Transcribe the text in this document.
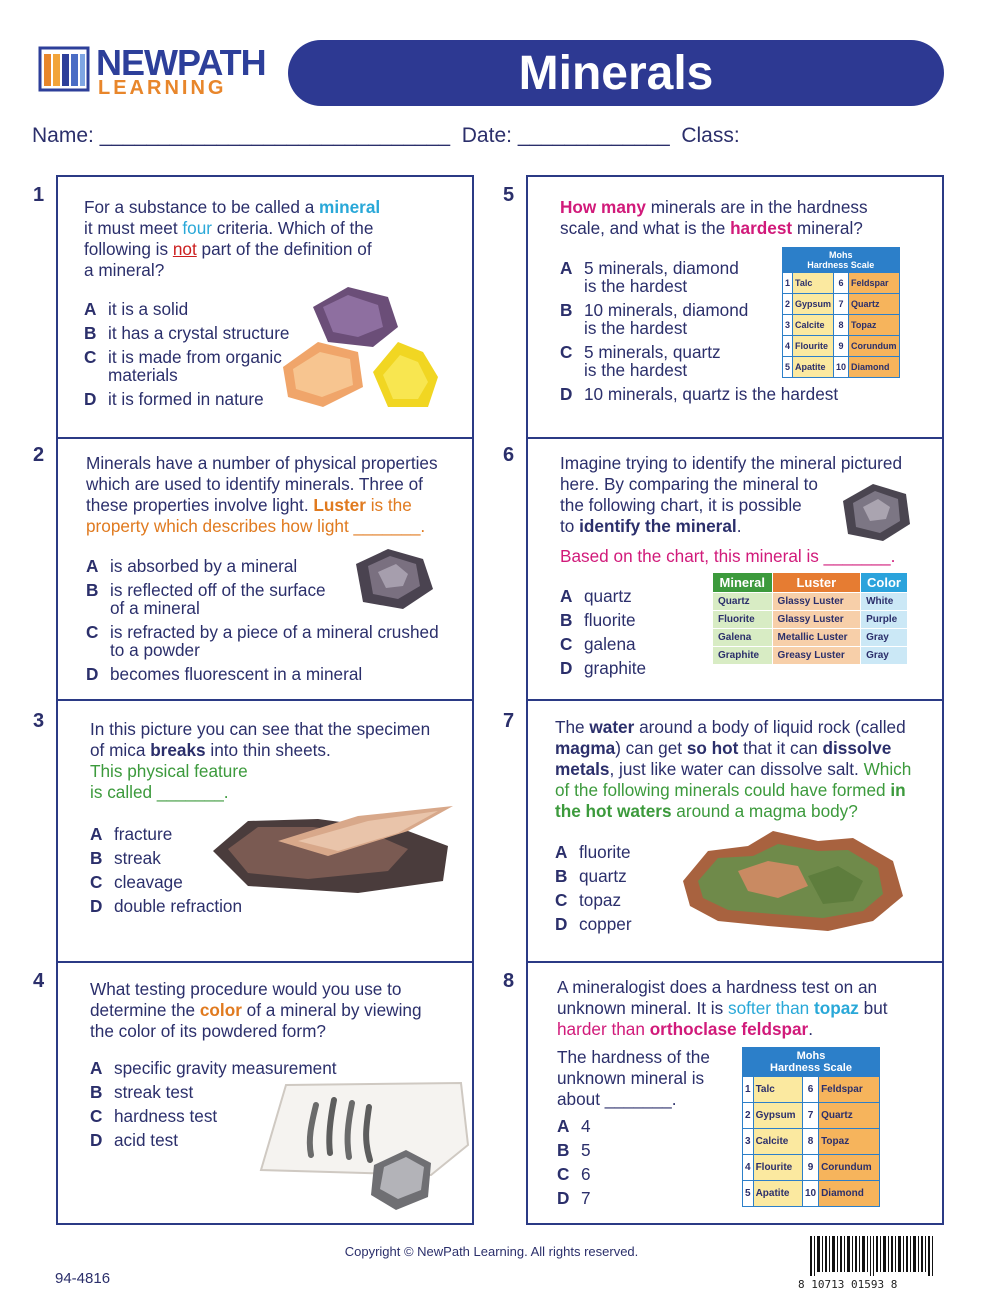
NEWPATH
LEARNING	Minerals
Name: ______________________________ Date: _____________ Class:
1
For a substance to be called a mineral
it must meet four criteria. Which of the
following is not part of the definition of
a mineral?
A it is a solid
B it has a crystal structure
C it is made from organic
materials
D it is formed in nature
2 Minerals have a number of physical properties
which are used to identify minerals. Three of
these properties involve light. Luster is the
property which describes how light _______.
A is absorbed by a mineral
B is reflected off of the surface
of a mineral
C is refracted by a piece of a mineral crushed
to a powder
D becomes fluorescent in a mineral
3	In this picture you can see that the specimen
of mica breaks into thin sheets.
This physical feature
is called _______.
A fracture
B streak
C cleavage
D double refraction
4	What testing procedure would you use to
determine the color of a mineral by viewing
the color of its powdered form?
A specific gravity measurement
B streak test
C hardness test
D acid test
5
How many minerals are in the hardness
scale, and what is the hardest mineral?
A 5 minerals, diamond
is the hardest
B 10 minerals, diamond
is the hardest
C 5 minerals, quartz
is the hardest
D 10 minerals, quartz is the hardest
Mohs
Hardness Scale			
1	Talc	6	Feldspar
2	Gypsum	7	Quartz
3	Calcite	8	Topaz
4	Flourite	9	Corundum
5	Apatite	10	Diamond
6	Imagine trying to identify the mineral pictured
here. By comparing the mineral to
the following chart, it is possible
to identify the mineral.
Based on the chart, this mineral is _______.
A quartz
B fluorite
C galena
D graphite
Mineral	Luster	Color
Quartz	Glassy Luster	White
Fluorite	Glassy Luster	Purple
Galena	Metallic Luster	Gray
Graphite	Greasy Luster	Gray
7 The water around a body of liquid rock (called
magma) can get so hot that it can dissolve
metals, just like water can dissolve salt. Which
of the following minerals could have formed in
the hot waters around a magma body?
A fluorite
B quartz
C topaz
D copper
8 A mineralogist does a hardness test on an
unknown mineral. It is softer than topaz but
harder than orthoclase feldspar.
The hardness of the
unknown mineral is
about _______.
A 4
B 5
C 6
D 7
Mohs
Hardness Scale			
1	Talc	6	Feldspar
2	Gypsum	7	Quartz
3	Calcite	8	Topaz
4	Flourite	9	Corundum
5	Apatite	10	Diamond
Copyright © NewPath Learning. All rights reserved.
94-4816	8 10713 01593 8
